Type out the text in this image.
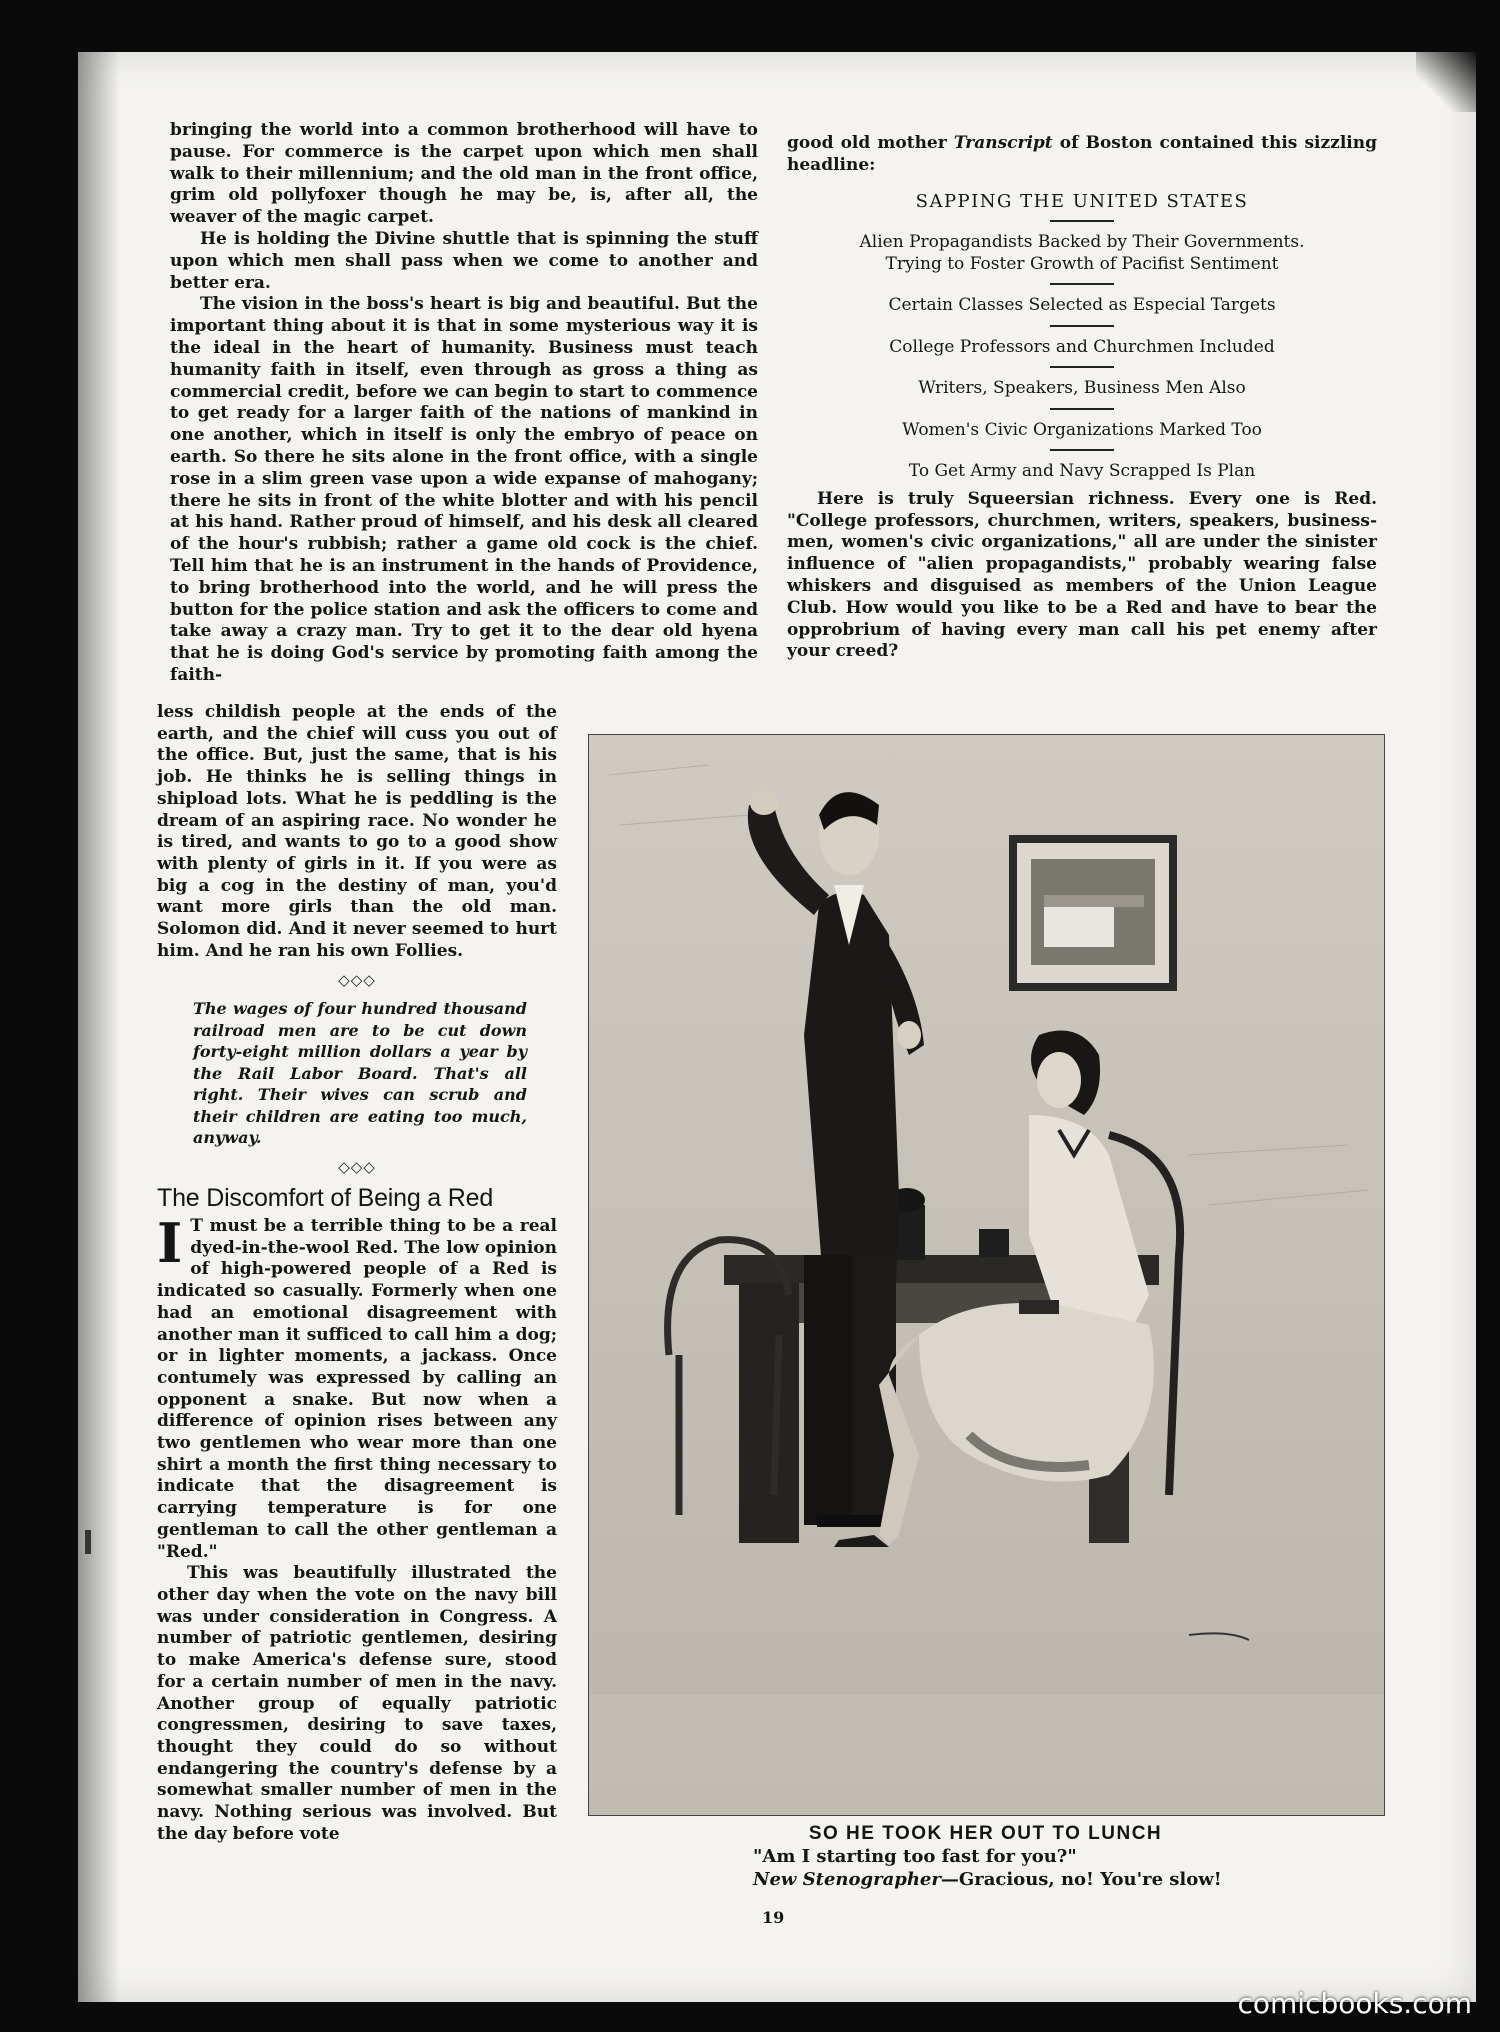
bringing the world into a common brotherhood will have to pause. For commerce is the carpet upon which men shall walk to their millennium; and the old man in the front office, grim old pollyfoxer though he may be, is, after all, the weaver of the magic carpet.

He is holding the Divine shuttle that is spinning the stuff upon which men shall pass when we come to another and better era.

The vision in the boss's heart is big and beautiful. But the important thing about it is that in some mysterious way it is the ideal in the heart of humanity. Business must teach humanity faith in itself, even through as gross a thing as commercial credit, before we can begin to start to commence to get ready for a larger faith of the nations of mankind in one another, which in itself is only the embryo of peace on earth. So there he sits alone in the front office, with a single rose in a slim green vase upon a wide expanse of mahogany; there he sits in front of the white blotter and with his pencil at his hand. Rather proud of himself, and his desk all cleared of the hour's rubbish; rather a game old cock is the chief. Tell him that he is an instrument in the hands of Providence, to bring brotherhood into the world, and he will press the button for the police station and ask the officers to come and take away a crazy man. Try to get it to the dear old hyena that he is doing God's service by promoting faith among the faith-

less childish people at the ends of the earth, and the chief will cuss you out of the office. But, just the same, that is his job. He thinks he is selling things in shipload lots. What he is peddling is the dream of an aspiring race. No wonder he is tired, and wants to go to a good show with plenty of girls in it. If you were as big a cog in the destiny of man, you'd want more girls than the old man. Solomon did. And it never seemed to hurt him. And he ran his own Follies.

◇◇◇

The wages of four hundred thousand railroad men are to be cut down forty-eight million dollars a year by the Rail Labor Board. That's all right. Their wives can scrub and their children are eating too much, anyway.

◇◇◇
The Discomfort of Being a Red

I T must be a terrible thing to be a real dyed-in-the-wool Red. The low opinion of high-powered people of a Red is indicated so casually. Formerly when one had an emotional disagreement with another man it sufficed to call him a dog; or in lighter moments, a jackass. Once contumely was expressed by calling an opponent a snake. But now when a difference of opinion rises between any two gentlemen who wear more than one shirt a month the first thing necessary to indicate that the disagreement is carrying temperature is for one gentleman to call the other gentleman a "Red."

This was beautifully illustrated the other day when the vote on the navy bill was under consideration in Congress. A number of patriotic gentlemen, desiring to make America's defense sure, stood for a certain number of men in the navy. Another group of equally patriotic congressmen, desiring to save taxes, thought they could do so without endangering the country's defense by a somewhat smaller number of men in the navy. Nothing serious was involved. But the day before vote

good old mother Transcript of Boston contained this sizzling headline:

SAPPING THE UNITED STATES
Alien Propagandists Backed by Their Governments. Trying to Foster Growth of Pacifist Sentiment
Certain Classes Selected as Especial Targets
College Professors and Churchmen Included
Writers, Speakers, Business Men Also
Women's Civic Organizations Marked Too
To Get Army and Navy Scrapped Is Plan

Here is truly Squeersian richness. Every one is Red. "College professors, churchmen, writers, speakers, business-men, women's civic organizations," all are under the sinister influence of "alien propagandists," probably wearing false whiskers and disguised as members of the Union League Club. How would you like to be a Red and have to bear the opprobrium of having every man call his pet enemy after your creed?

SO HE TOOK HER OUT TO LUNCH
"Am I starting too fast for you?"
New Stenographer—Gracious, no! You're slow!
19
comicbooks.com
